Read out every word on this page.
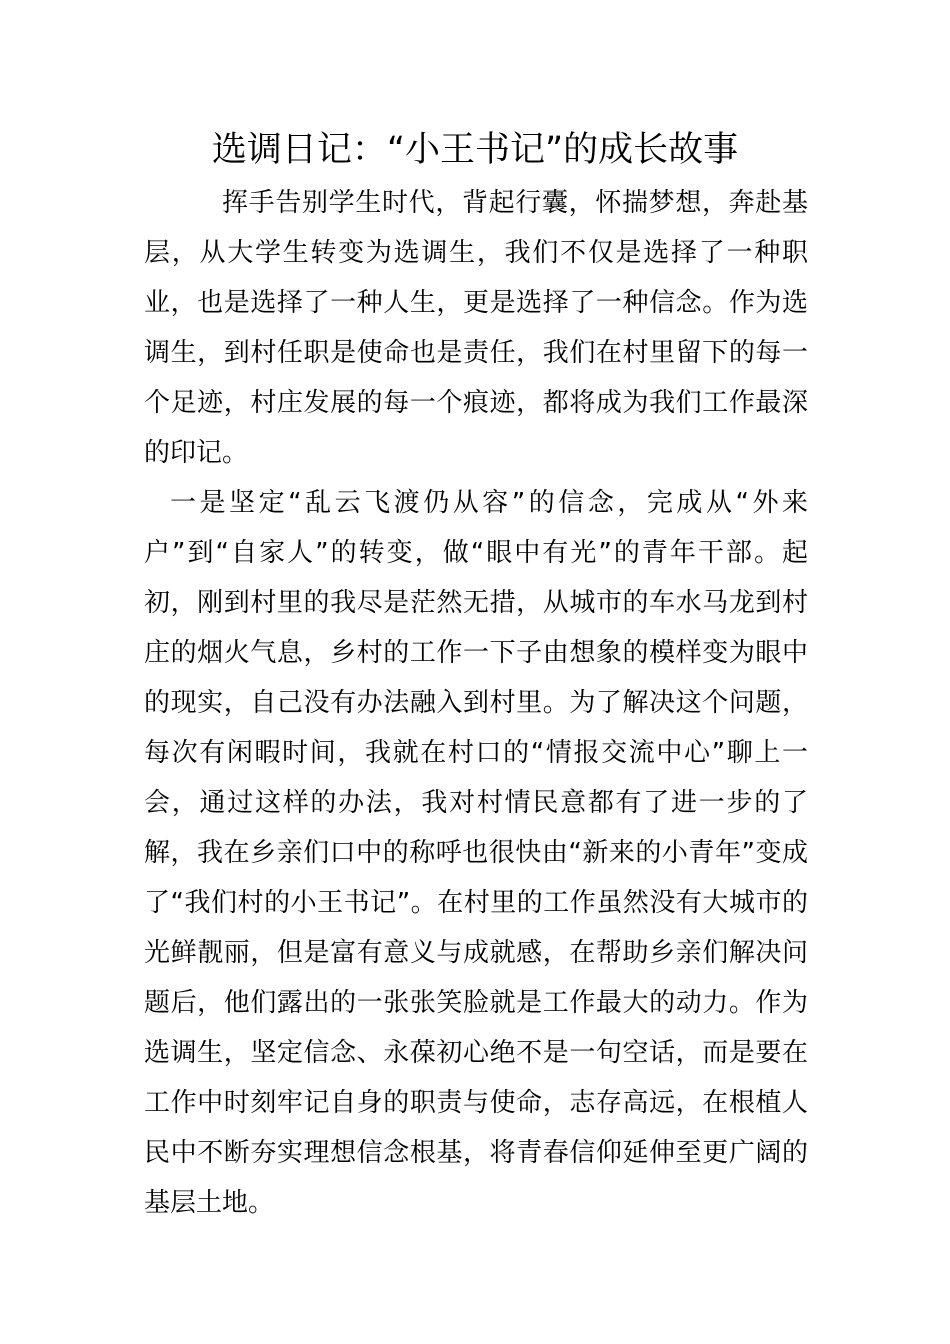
选调日记：“小王书记”的成长故事

挥手告别学生时代，背起行囊，怀揣梦想，奔赴基层，从大学生转变为选调生，我们不仅是选择了一种职业，也是选择了一种人生，更是选择了一种信念。作为选调生，到村任职是使命也是责任，我们在村里留下的每一个足迹，村庄发展的每一个痕迹，都将成为我们工作最深的印记。

一是坚定“乱云飞渡仍从容”的信念，完成从“外来户”到“自家人”的转变，做“眼中有光”的青年干部。起初，刚到村里的我尽是茫然无措，从城市的车水马龙到村庄的烟火气息，乡村的工作一下子由想象的模样变为眼中的现实，自己没有办法融入到村里。为了解决这个问题，每次有闲暇时间，我就在村口的“情报交流中心”聊上一会，通过这样的办法，我对村情民意都有了进一步的了解，我在乡亲们口中的称呼也很快由“新来的小青年”变成了“我们村的小王书记”。在村里的工作虽然没有大城市的光鲜靓丽，但是富有意义与成就感，在帮助乡亲们解决问题后，他们露出的一张张笑脸就是工作最大的动力。作为选调生，坚定信念、永葆初心绝不是一句空话，而是要在工作中时刻牢记自身的职责与使命，志存高远，在根植人民中不断夯实理想信念根基，将青春信仰延伸至更广阔的基层土地。
